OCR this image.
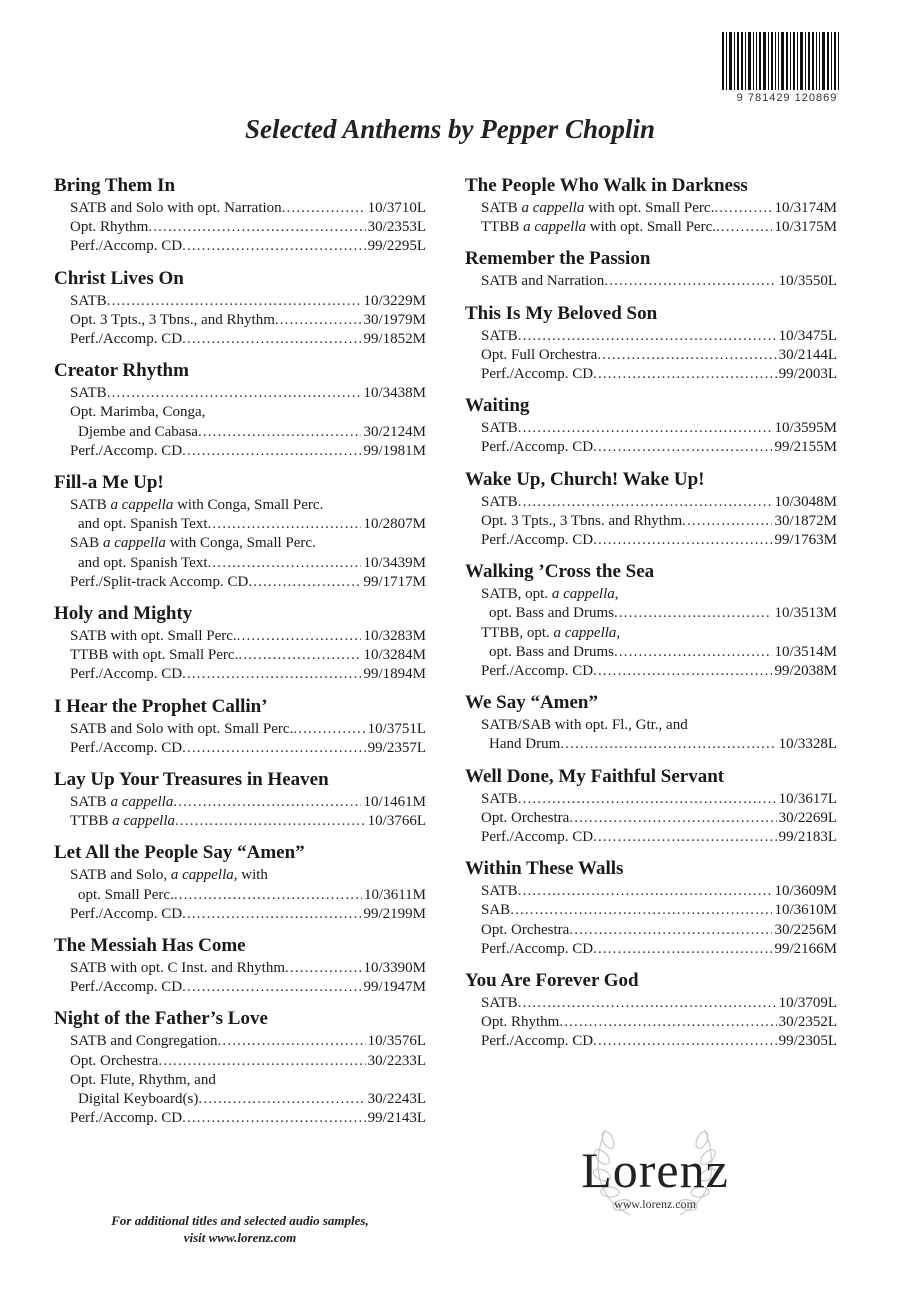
9 781429 120869
Selected Anthems by Pepper Choplin
Bring Them In
SATB and Solo with opt. Narration . . .	10/3710L
Opt. Rhythm . . .	30/2353L
Perf./Accomp. CD . . .	99/2295L
Christ Lives On
SATB . . .	10/3229M
Opt. 3 Tpts., 3 Tbns., and Rhythm . . .	30/1979M
Perf./Accomp. CD . . .	99/1852M
Creator Rhythm
SATB . . .	10/3438M
Opt. Marimba, Conga,
Djembe and Cabasa . . .	30/2124M
Perf./Accomp. CD . . .	99/1981M
Fill-a Me Up!
SATB a cappella with Conga, Small Perc.
and opt. Spanish Text . . .	10/2807M
SAB a cappella with Conga, Small Perc.
and opt. Spanish Text . . .	10/3439M
Perf./Split-track Accomp. CD . . .	99/1717M
Holy and Mighty
SATB with opt. Small Perc. . . .	10/3283M
TTBB with opt. Small Perc. . . .	10/3284M
Perf./Accomp. CD . . .	99/1894M
I Hear the Prophet Callin’
SATB and Solo with opt. Small Perc. . . .	10/3751L
Perf./Accomp. CD . . .	99/2357L
Lay Up Your Treasures in Heaven
SATB a cappella . . .	10/1461M
TTBB a cappella . . .	10/3766L
Let All the People Say “Amen”
SATB and Solo, a cappella, with
opt. Small Perc. . . .	10/3611M
Perf./Accomp. CD . . .	99/2199M
The Messiah Has Come
SATB with opt. C Inst. and Rhythm . . .	10/3390M
Perf./Accomp. CD . . .	99/1947M
Night of the Father’s Love
SATB and Congregation . . .	10/3576L
Opt. Orchestra . . .	30/2233L
Opt. Flute, Rhythm, and
Digital Keyboard(s) . . .	30/2243L
Perf./Accomp. CD . . .	99/2143L
The People Who Walk in Darkness
SATB a cappella with opt. Small Perc. . . .	10/3174M
TTBB a cappella with opt. Small Perc. . . .	10/3175M
Remember the Passion
SATB and Narration . . .	10/3550L
This Is My Beloved Son
SATB . . .	10/3475L
Opt. Full Orchestra . . .	30/2144L
Perf./Accomp. CD . . .	99/2003L
Waiting
SATB . . .	10/3595M
Perf./Accomp. CD . . .	99/2155M
Wake Up, Church! Wake Up!
SATB . . .	10/3048M
Opt. 3 Tpts., 3 Tbns. and Rhythm . . .	30/1872M
Perf./Accomp. CD . . .	99/1763M
Walking ’Cross the Sea
SATB, opt. a cappella,
opt. Bass and Drums . . .	10/3513M
TTBB, opt. a cappella,
opt. Bass and Drums . . .	10/3514M
Perf./Accomp. CD . . .	99/2038M
We Say “Amen”
SATB/SAB with opt. Fl., Gtr., and
Hand Drum . . .	10/3328L
Well Done, My Faithful Servant
SATB . . .	10/3617L
Opt. Orchestra . . .	30/2269L
Perf./Accomp. CD . . .	99/2183L
Within These Walls
SATB . . .	10/3609M
SAB . . .	10/3610M
Opt. Orchestra . . .	30/2256M
Perf./Accomp. CD . . .	99/2166M
You Are Forever God
SATB . . .	10/3709L
Opt. Rhythm . . .	30/2352L
Perf./Accomp. CD . . .	99/2305L
For additional titles and selected audio samples,
visit www.lorenz.com
Lorenz
www.lorenz.com
